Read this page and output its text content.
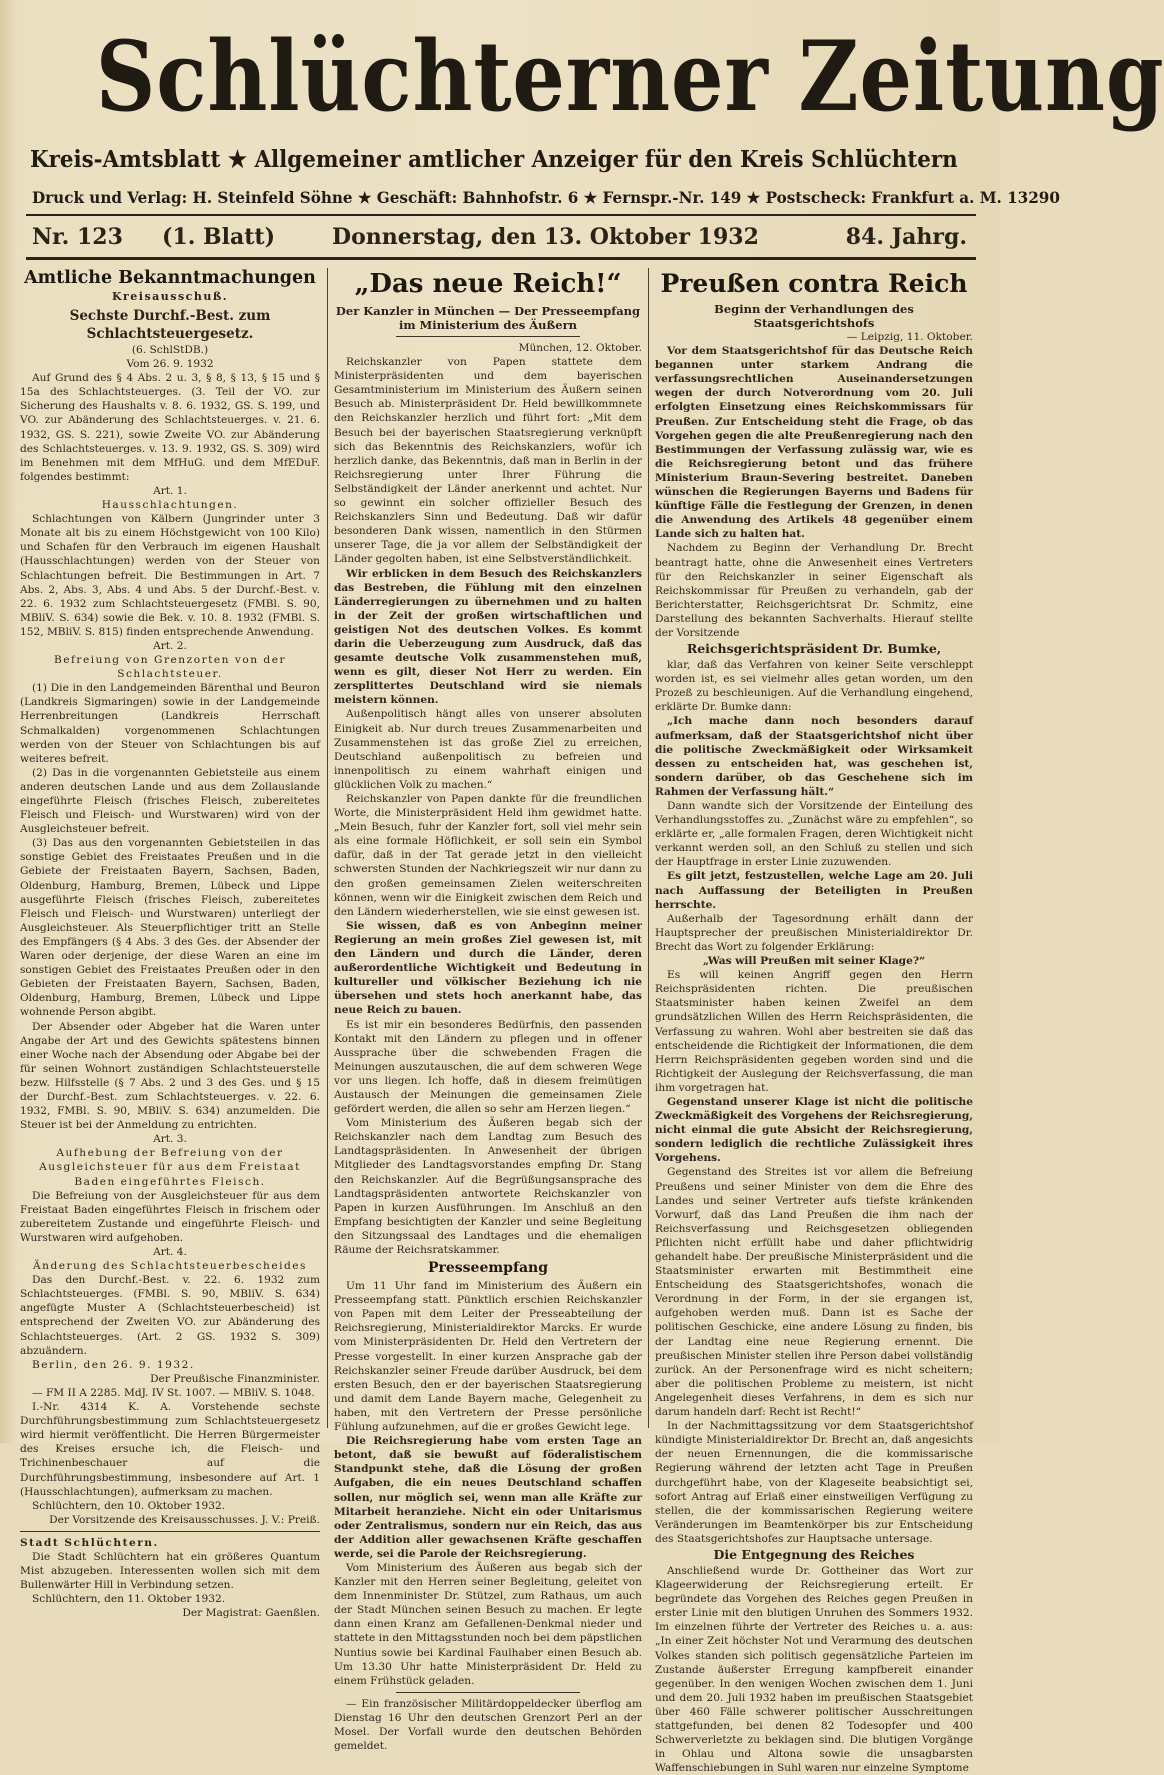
Schlüchterner Zeitung
Kreis-Amtsblatt ★ Allgemeiner amtlicher Anzeiger für den Kreis Schlüchtern
Druck und Verlag: H. Steinfeld Söhne ★ Geschäft: Bahnhofstr. 6 ★ Fernspr.-Nr. 149 ★ Postscheck: Frankfurt a. M. 13290
Nr. 123 (1. Blatt)	Donnerstag, den 13. Oktober 1932	84. Jahrg.
Amtliche Bekanntmachungen
Kreisausschuß.
Sechste Durchf.-Best. zum Schlachtsteuergesetz.

(6. SchlStDB.)

Vom 26. 9. 1932

Auf Grund des § 4 Abs. 2 u. 3, § 8, § 13, § 15 und § 15a des Schlachtsteuerges. (3. Teil der VO. zur Sicherung des Haushalts v. 8. 6. 1932, GS. S. 199, und VO. zur Abänderung des Schlachtsteuerges. v. 21. 6. 1932, GS. S. 221), sowie Zweite VO. zur Abänderung des Schlachtsteuerges. v. 13. 9. 1932, GS. S. 309) wird im Benehmen mit dem MfHuG. und dem MfEDuF. folgendes bestimmt:

Art. 1.

Hausschlachtungen.

Schlachtungen von Kälbern (Jungrinder unter 3 Monate alt bis zu einem Höchstgewicht von 100 Kilo) und Schafen für den Verbrauch im eigenen Haushalt (Hausschlachtungen) werden von der Steuer von Schlachtungen befreit. Die Bestimmungen in Art. 7 Abs. 2, Abs. 3, Abs. 4 und Abs. 5 der Durchf.-Best. v. 22. 6. 1932 zum Schlachtsteuergesetz (FMBl. S. 90, MBliV. S. 634) sowie die Bek. v. 10. 8. 1932 (FMBl. S. 152, MBliV. S. 815) finden entsprechende Anwendung.

Art. 2.

Befreiung von Grenzorten von der Schlachtsteuer.

(1) Die in den Landgemeinden Bärenthal und Beuron (Landkreis Sigmaringen) sowie in der Landgemeinde Herrenbreitungen (Landkreis Herrschaft Schmalkalden) vorgenommenen Schlachtungen werden von der Steuer von Schlachtungen bis auf weiteres befreit.

(2) Das in die vorgenannten Gebietsteile aus einem anderen deutschen Lande und aus dem Zollauslande eingeführte Fleisch (frisches Fleisch, zubereitetes Fleisch und Fleisch- und Wurstwaren) wird von der Ausgleichsteuer befreit.

(3) Das aus den vorgenannten Gebietsteilen in das sonstige Gebiet des Freistaates Preußen und in die Gebiete der Freistaaten Bayern, Sachsen, Baden, Oldenburg, Hamburg, Bremen, Lübeck und Lippe ausgeführte Fleisch (frisches Fleisch, zubereitetes Fleisch und Fleisch- und Wurstwaren) unterliegt der Ausgleichsteuer. Als Steuerpflichtiger tritt an Stelle des Empfängers (§ 4 Abs. 3 des Ges. der Absender der Waren oder derjenige, der diese Waren an eine im sonstigen Gebiet des Freistaates Preußen oder in den Gebieten der Freistaaten Bayern, Sachsen, Baden, Oldenburg, Hamburg, Bremen, Lübeck und Lippe wohnende Person abgibt.

Der Absender oder Abgeber hat die Waren unter Angabe der Art und des Gewichts spätestens binnen einer Woche nach der Absendung oder Abgabe bei der für seinen Wohnort zuständigen Schlachtsteuerstelle bezw. Hilfsstelle (§ 7 Abs. 2 und 3 des Ges. und § 15 der Durchf.-Best. zum Schlachtsteuerges. v. 22. 6. 1932, FMBl. S. 90, MBliV. S. 634) anzumelden. Die Steuer ist bei der Anmeldung zu entrichten.

Art. 3.

Aufhebung der Befreiung von der Ausgleichsteuer für aus dem Freistaat Baden eingeführtes Fleisch.

Die Befreiung von der Ausgleichsteuer für aus dem Freistaat Baden eingeführtes Fleisch in frischem oder zubereitetem Zustande und eingeführte Fleisch- und Wurstwaren wird aufgehoben.

Art. 4.

Änderung des Schlachtsteuerbescheides

Das den Durchf.-Best. v. 22. 6. 1932 zum Schlachtsteuerges. (FMBl. S. 90, MBliV. S. 634) angefügte Muster A (Schlachtsteuerbescheid) ist entsprechend der Zweiten VO. zur Abänderung des Schlachtsteuerges. (Art. 2 GS. 1932 S. 309) abzuändern.

Berlin, den 26. 9. 1932.

Der Preußische Finanzminister.

— FM II A 2285. MdJ. IV St. 1007. — MBliV. S. 1048.

I.-Nr. 4314 K. A. Vorstehende sechste Durchführungsbestimmung zum Schlachtsteuergesetz wird hiermit veröffentlicht. Die Herren Bürgermeister des Kreises ersuche ich, die Fleisch- und Trichinenbeschauer auf die Durchführungsbestimmung, insbesondere auf Art. 1 (Hausschlachtungen), aufmerksam zu machen.

Schlüchtern, den 10. Oktober 1932.

Der Vorsitzende des Kreisausschusses. J. V.: Preiß.

Stadt Schlüchtern.

Die Stadt Schlüchtern hat ein größeres Quantum Mist abzugeben. Interessenten wollen sich mit dem Bullenwärter Hill in Verbindung setzen.

Schlüchtern, den 11. Oktober 1932.

Der Magistrat: Gaenßlen.

„Das neue Reich!“
Der Kanzler in München — Der Presseempfang im Ministerium des Äußern

München, 12. Oktober.

Reichskanzler von Papen stattete dem Ministerpräsidenten und dem bayerischen Gesamtministerium im Ministerium des Äußern seinen Besuch ab. Ministerpräsident Dr. Held bewillkommnete den Reichskanzler herzlich und führt fort: „Mit dem Besuch bei der bayerischen Staatsregierung verknüpft sich das Bekenntnis des Reichskanzlers, wofür ich herzlich danke, das Bekenntnis, daß man in Berlin in der Reichsregierung unter Ihrer Führung die Selbständigkeit der Länder anerkennt und achtet. Nur so gewinnt ein solcher offizieller Besuch des Reichskanzlers Sinn und Bedeutung. Daß wir dafür besonderen Dank wissen, namentlich in den Stürmen unserer Tage, die ja vor allem der Selbständigkeit der Länder gegolten haben, ist eine Selbstverständlichkeit.

Wir erblicken in dem Besuch des Reichskanzlers das Bestreben, die Fühlung mit den einzelnen Länderregierungen zu übernehmen und zu halten in der Zeit der großen wirtschaftlichen und geistigen Not des deutschen Volkes. Es kommt darin die Ueberzeugung zum Ausdruck, daß das gesamte deutsche Volk zusammenstehen muß, wenn es gilt, dieser Not Herr zu werden. Ein zersplittertes Deutschland wird sie niemals meistern können.

Außenpolitisch hängt alles von unserer absoluten Einigkeit ab. Nur durch treues Zusammenarbeiten und Zusammenstehen ist das große Ziel zu erreichen, Deutschland außenpolitisch zu befreien und innenpolitisch zu einem wahrhaft einigen und glücklichen Volk zu machen.“

Reichskanzler von Papen dankte für die freundlichen Worte, die Ministerpräsident Held ihm gewidmet hatte. „Mein Besuch, fuhr der Kanzler fort, soll viel mehr sein als eine formale Höflichkeit, er soll sein ein Symbol dafür, daß in der Tat gerade jetzt in den vielleicht schwersten Stunden der Nachkriegszeit wir nur dann zu den großen gemeinsamen Zielen weiterschreiten können, wenn wir die Einigkeit zwischen dem Reich und den Ländern wiederherstellen, wie sie einst gewesen ist.

Sie wissen, daß es von Anbeginn meiner Regierung an mein großes Ziel gewesen ist, mit den Ländern und durch die Länder, deren außerordentliche Wichtigkeit und Bedeutung in kultureller und völkischer Beziehung ich nie übersehen und stets hoch anerkannt habe, das neue Reich zu bauen.

Es ist mir ein besonderes Bedürfnis, den passenden Kontakt mit den Ländern zu pflegen und in offener Aussprache über die schwebenden Fragen die Meinungen auszutauschen, die auf dem schweren Wege vor uns liegen. Ich hoffe, daß in diesem freimütigen Austausch der Meinungen die gemeinsamen Ziele gefördert werden, die allen so sehr am Herzen liegen.“

Vom Ministerium des Äußeren begab sich der Reichskanzler nach dem Landtag zum Besuch des Landtagspräsidenten. In Anwesenheit der übrigen Mitglieder des Landtagsvorstandes empfing Dr. Stang den Reichskanzler. Auf die Begrüßungsansprache des Landtagspräsidenten antwortete Reichskanzler von Papen in kurzen Ausführungen. Im Anschluß an den Empfang besichtigten der Kanzler und seine Begleitung den Sitzungssaal des Landtages und die ehemaligen Räume der Reichsratskammer.

Presseempfang

Um 11 Uhr fand im Ministerium des Äußern ein Presseempfang statt. Pünktlich erschien Reichskanzler von Papen mit dem Leiter der Presseabteilung der Reichsregierung, Ministerialdirektor Marcks. Er wurde vom Ministerpräsidenten Dr. Held den Vertretern der Presse vorgestellt. In einer kurzen Ansprache gab der Reichskanzler seiner Freude darüber Ausdruck, bei dem ersten Besuch, den er der bayerischen Staatsregierung und damit dem Lande Bayern mache, Gelegenheit zu haben, mit den Vertretern der Presse persönliche Fühlung aufzunehmen, auf die er großes Gewicht lege.

Die Reichsregierung habe vom ersten Tage an betont, daß sie bewußt auf föderalistischem Standpunkt stehe, daß die Lösung der großen Aufgaben, die ein neues Deutschland schaffen sollen, nur möglich sei, wenn man alle Kräfte zur Mitarbeit heranziehe. Nicht ein oder Unitarismus oder Zentralismus, sondern nur ein Reich, das aus der Addition aller gewachsenen Kräfte geschaffen werde, sei die Parole der Reichsregierung.

Vom Ministerium des Äußeren aus begab sich der Kanzler mit den Herren seiner Begleitung, geleitet von dem Innenminister Dr. Stützel, zum Rathaus, um auch der Stadt München seinen Besuch zu machen. Er legte dann einen Kranz am Gefallenen-Denkmal nieder und stattete in den Mittagsstunden noch bei dem päpstlichen Nuntius sowie bei Kardinal Faulhaber einen Besuch ab. Um 13.30 Uhr hatte Ministerpräsident Dr. Held zu einem Frühstück geladen.

— Ein französischer Militärdoppeldecker überflog am Dienstag 16 Uhr den deutschen Grenzort Perl an der Mosel. Der Vorfall wurde den deutschen Behörden gemeldet.

Preußen contra Reich
Beginn der Verhandlungen des Staatsgerichtshofs

— Leipzig, 11. Oktober.

Vor dem Staatsgerichtshof für das Deutsche Reich begannen unter starkem Andrang die verfassungsrechtlichen Auseinandersetzungen wegen der durch Notverordnung vom 20. Juli erfolgten Einsetzung eines Reichskommissars für Preußen. Zur Entscheidung steht die Frage, ob das Vorgehen gegen die alte Preußenregierung nach den Bestimmungen der Verfassung zulässig war, wie es die Reichsregierung betont und das frühere Ministerium Braun-Severing bestreitet. Daneben wünschen die Regierungen Bayerns und Badens für künftige Fälle die Festlegung der Grenzen, in denen die Anwendung des Artikels 48 gegenüber einem Lande sich zu halten hat.

Nachdem zu Beginn der Verhandlung Dr. Brecht beantragt hatte, ohne die Anwesenheit eines Vertreters für den Reichskanzler in seiner Eigenschaft als Reichskommissar für Preußen zu verhandeln, gab der Berichterstatter, Reichsgerichtsrat Dr. Schmitz, eine Darstellung des bekannten Sachverhalts. Hierauf stellte der Vorsitzende

Reichsgerichtspräsident Dr. Bumke,

klar, daß das Verfahren von keiner Seite verschleppt worden ist, es sei vielmehr alles getan worden, um den Prozeß zu beschleunigen. Auf die Verhandlung eingehend, erklärte Dr. Bumke dann:

„Ich mache dann noch besonders darauf aufmerksam, daß der Staatsgerichtshof nicht über die politische Zweckmäßigkeit oder Wirksamkeit dessen zu entscheiden hat, was geschehen ist, sondern darüber, ob das Geschehene sich im Rahmen der Verfassung hält.“

Dann wandte sich der Vorsitzende der Einteilung des Verhandlungsstoffes zu. „Zunächst wäre zu empfehlen“, so erklärte er, „alle formalen Fragen, deren Wichtigkeit nicht verkannt werden soll, an den Schluß zu stellen und sich der Hauptfrage in erster Linie zuzuwenden.

Es gilt jetzt, festzustellen, welche Lage am 20. Juli nach Auffassung der Beteiligten in Preußen herrschte.

Außerhalb der Tagesordnung erhält dann der Hauptsprecher der preußischen Ministerialdirektor Dr. Brecht das Wort zu folgender Erklärung:

„Was will Preußen mit seiner Klage?“

Es will keinen Angriff gegen den Herrn Reichspräsidenten richten. Die preußischen Staatsminister haben keinen Zweifel an dem grundsätzlichen Willen des Herrn Reichspräsidenten, die Verfassung zu wahren. Wohl aber bestreiten sie daß das entscheidende die Richtigkeit der Informationen, die dem Herrn Reichspräsidenten gegeben worden sind und die Richtigkeit der Auslegung der Reichsverfassung, die man ihm vorgetragen hat.

Gegenstand unserer Klage ist nicht die politische Zweckmäßigkeit des Vorgehens der Reichsregierung, nicht einmal die gute Absicht der Reichsregierung, sondern lediglich die rechtliche Zulässigkeit ihres Vorgehens.

Gegenstand des Streites ist vor allem die Befreiung Preußens und seiner Minister von dem die Ehre des Landes und seiner Vertreter aufs tiefste kränkenden Vorwurf, daß das Land Preußen die ihm nach der Reichsverfassung und Reichsgesetzen obliegenden Pflichten nicht erfüllt habe und daher pflichtwidrig gehandelt habe. Der preußische Ministerpräsident und die Staatsminister erwarten mit Bestimmtheit eine Entscheidung des Staatsgerichtshofes, wonach die Verordnung in der Form, in der sie ergangen ist, aufgehoben werden muß. Dann ist es Sache der politischen Geschicke, eine andere Lösung zu finden, bis der Landtag eine neue Regierung ernennt. Die preußischen Minister stellen ihre Person dabei vollständig zurück. An der Personenfrage wird es nicht scheitern; aber die politischen Probleme zu meistern, ist nicht Angelegenheit dieses Verfahrens, in dem es sich nur darum handeln darf: Recht ist Recht!“

In der Nachmittagssitzung vor dem Staatsgerichtshof kündigte Ministerialdirektor Dr. Brecht an, daß angesichts der neuen Ernennungen, die die kommissarische Regierung während der letzten acht Tage in Preußen durchgeführt habe, von der Klageseite beabsichtigt sei, sofort Antrag auf Erlaß einer einstweiligen Verfügung zu stellen, die der kommissarischen Regierung weitere Veränderungen im Beamtenkörper bis zur Entscheidung des Staatsgerichtshofes zur Hauptsache untersage.

Die Entgegnung des Reiches

Anschließend wurde Dr. Gottheiner das Wort zur Klageerwiderung der Reichsregierung erteilt. Er begründete das Vorgehen des Reiches gegen Preußen in erster Linie mit den blutigen Unruhen des Sommers 1932. Im einzelnen führte der Vertreter des Reiches u. a. aus: „In einer Zeit höchster Not und Verarmung des deutschen Volkes standen sich politisch gegensätzliche Parteien im Zustande äußerster Erregung kampfbereit einander gegenüber. In den wenigen Wochen zwischen dem 1. Juni und dem 20. Juli 1932 haben im preußischen Staatsgebiet über 460 Fälle schwerer politischer Ausschreitungen stattgefunden, bei denen 82 Todesopfer und 400 Schwerverletzte zu beklagen sind. Die blutigen Vorgänge in Ohlau und Altona sowie die unsagbarsten Waffenschiebungen in Suhl waren nur einzelne Symptome
